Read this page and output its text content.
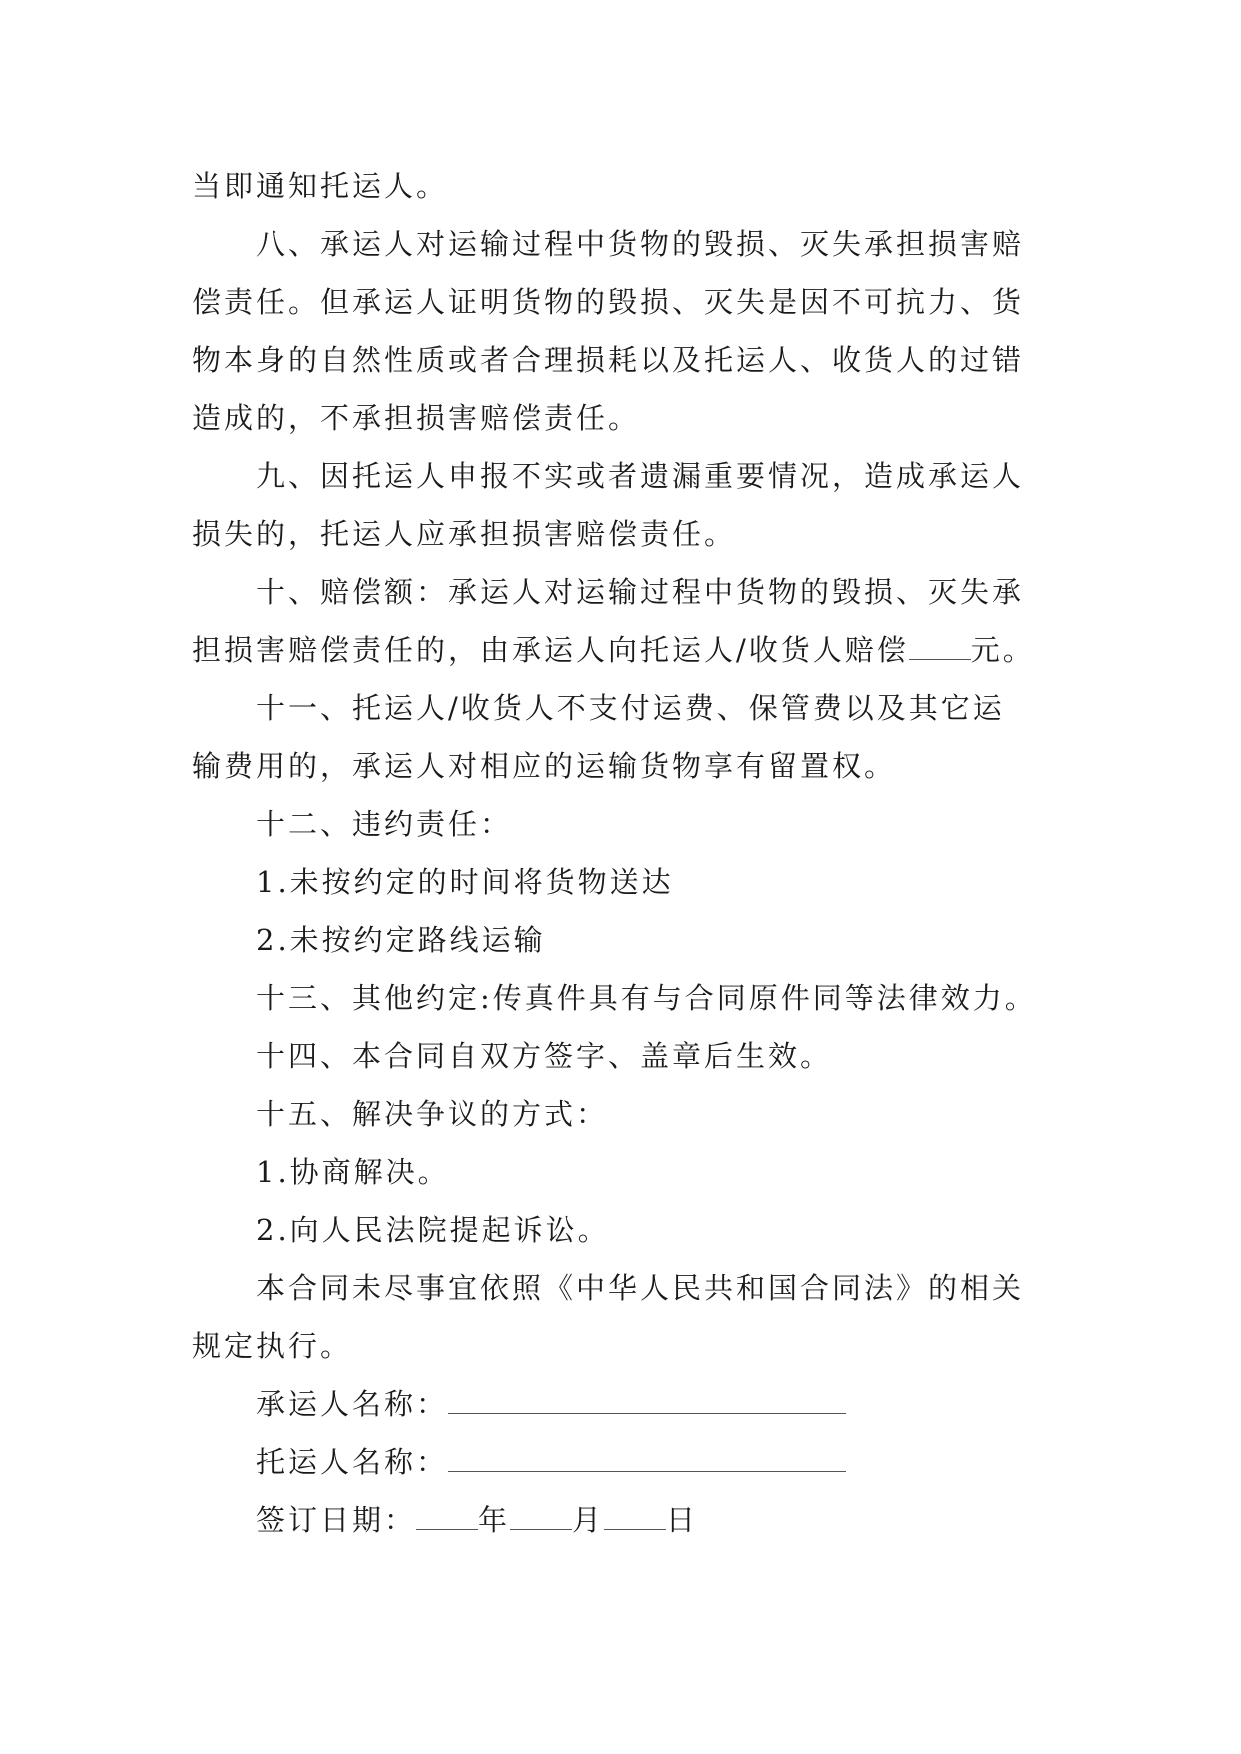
当即通知托运人。
八、承运人对运输过程中货物的毁损、灭失承担损害赔
偿责任。但承运人证明货物的毁损、灭失是因不可抗力、货
物本身的自然性质或者合理损耗以及托运人、收货人的过错
造成的，不承担损害赔偿责任。
九、因托运人申报不实或者遗漏重要情况，造成承运人
损失的，托运人应承担损害赔偿责任。
十、赔偿额：承运人对运输过程中货物的毁损、灭失承
担损害赔偿责任的，由承运人向托运人/收货人赔偿 元。
十一、托运人/收货人不支付运费、保管费以及其它运
输费用的，承运人对相应的运输货物享有留置权。
十二、违约责任：
1.未按约定的时间将货物送达
2.未按约定路线运输
十三、其他约定:传真件具有与合同原件同等法律效力。
十四、本合同自双方签字、盖章后生效。
十五、解决争议的方式：
1.协商解决。
2.向人民法院提起诉讼。
本合同未尽事宜依照《中华人民共和国合同法》的相关
规定执行。
承运人名称：
托运人名称：
签订日期： 年 月 日
